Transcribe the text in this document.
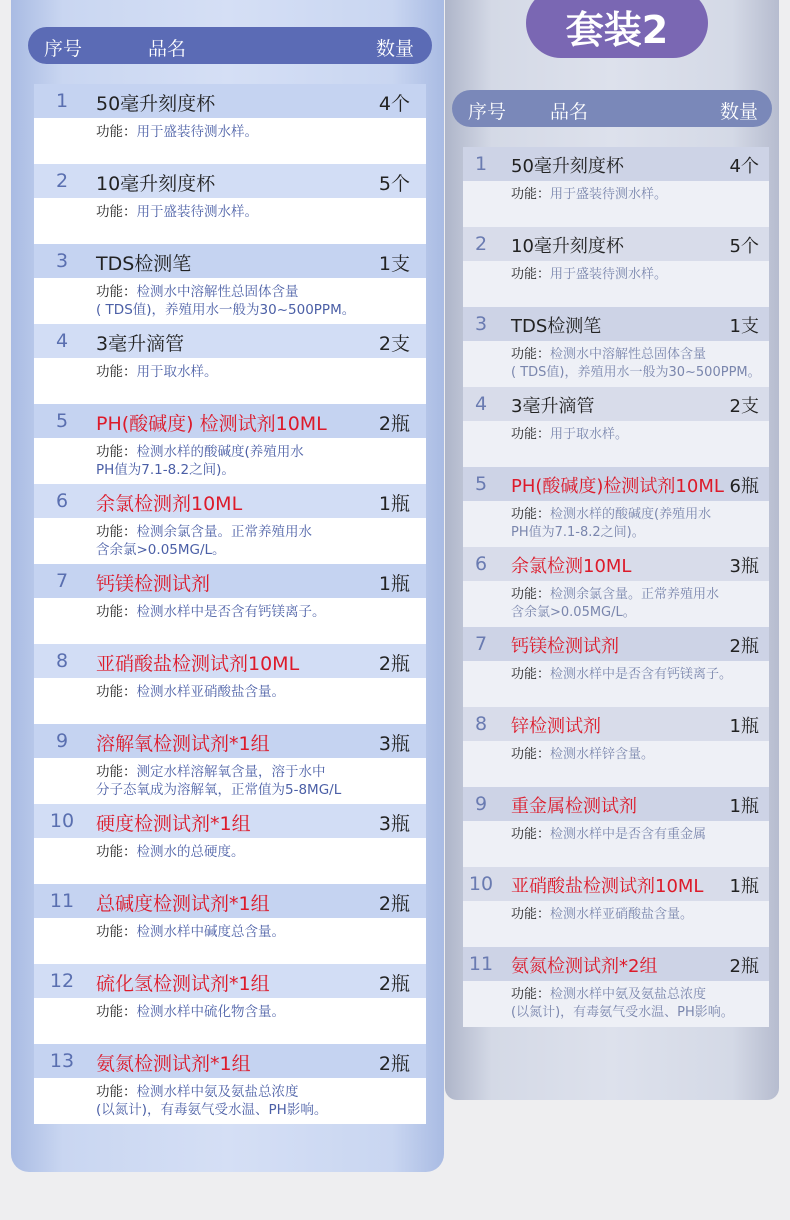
套装2
序号	品名	数量
序号 品名	数量
1	50毫升刻度杯	4个
功能：用于盛装待测水样。
2	10毫升刻度杯	5个
功能：用于盛装待测水样。
3	TDS检测笔	1支
功能：检测水中溶解性总固体含量
( TDS值)，养殖用水一般为30~500PPM。
4	3毫升滴管	2支
功能：用于取水样。
5	PH(酸碱度) 检测试剂10ML	2瓶
功能：检测水样的酸碱度(养殖用水
PH值为7.1-8.2之间)。
6	余氯检测剂10ML	1瓶
功能：检测余氯含量。正常养殖用水
含余氯>0.05MG/L。
7	钙镁检测试剂	1瓶
功能：检测水样中是否含有钙镁离子。
8	亚硝酸盐检测试剂10ML	2瓶
功能：检测水样亚硝酸盐含量。
9	溶解氧检测试剂*1组	3瓶
功能：测定水样溶解氧含量，溶于水中
分子态氧成为溶解氧，正常值为5-8MG/L
10	硬度检测试剂*1组	3瓶
功能：检测水的总硬度。
11	总碱度检测试剂*1组	2瓶
功能：检测水样中碱度总含量。
12	硫化氢检测试剂*1组	2瓶
功能：检测水样中硫化物含量。
13	氨氮检测试剂*1组	2瓶
功能：检测水样中氨及氨盐总浓度
(以氮计)，有毒氨气受水温、PH影响。
1	50毫升刻度杯	4个
功能：用于盛装待测水样。
2	10毫升刻度杯	5个
功能：用于盛装待测水样。
3	TDS检测笔	1支
功能：检测水中溶解性总固体含量
( TDS值)，养殖用水一般为30~500PPM。
4	3毫升滴管	2支
功能：用于取水样。
5	PH(酸碱度)检测试剂10ML 6瓶
功能：检测水样的酸碱度(养殖用水
PH值为7.1-8.2之间)。
6	余氯检测10ML	3瓶
功能：检测余氯含量。正常养殖用水
含余氯>0.05MG/L。
7	钙镁检测试剂	2瓶
功能：检测水样中是否含有钙镁离子。
8	锌检测试剂	1瓶
功能：检测水样锌含量。
9	重金属检测试剂	1瓶
功能：检测水样中是否含有重金属
10 亚硝酸盐检测试剂10ML 1瓶
功能：检测水样亚硝酸盐含量。
11 氨氮检测试剂*2组	2瓶
功能：检测水样中氨及氨盐总浓度
(以氮计)，有毒氨气受水温、PH影响。
